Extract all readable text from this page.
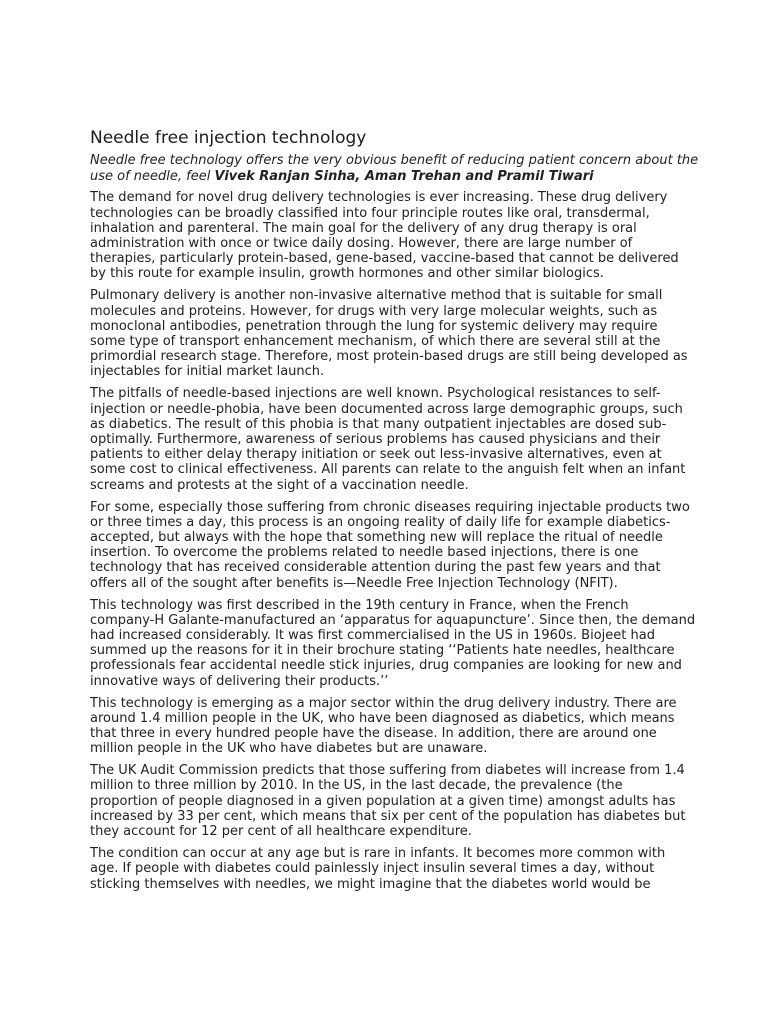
Needle free injection technology
Needle free technology offers the very obvious benefit of reducing patient concern about the
use of needle, feel Vivek Ranjan Sinha, Aman Trehan and Pramil Tiwari
The demand for novel drug delivery technologies is ever increasing. These drug delivery
technologies can be broadly classified into four principle routes like oral, transdermal,
inhalation and parenteral. The main goal for the delivery of any drug therapy is oral
administration with once or twice daily dosing. However, there are large number of
therapies, particularly protein-based, gene-based, vaccine-based that cannot be delivered
by this route for example insulin, growth hormones and other similar biologics.
Pulmonary delivery is another non-invasive alternative method that is suitable for small
molecules and proteins. However, for drugs with very large molecular weights, such as
monoclonal antibodies, penetration through the lung for systemic delivery may require
some type of transport enhancement mechanism, of which there are several still at the
primordial research stage. Therefore, most protein-based drugs are still being developed as
injectables for initial market launch.
The pitfalls of needle-based injections are well known. Psychological resistances to self-
injection or needle-phobia, have been documented across large demographic groups, such
as diabetics. The result of this phobia is that many outpatient injectables are dosed sub-
optimally. Furthermore, awareness of serious problems has caused physicians and their
patients to either delay therapy initiation or seek out less-invasive alternatives, even at
some cost to clinical effectiveness. All parents can relate to the anguish felt when an infant
screams and protests at the sight of a vaccination needle.
For some, especially those suffering from chronic diseases requiring injectable products two
or three times a day, this process is an ongoing reality of daily life for example diabetics-
accepted, but always with the hope that something new will replace the ritual of needle
insertion. To overcome the problems related to needle based injections, there is one
technology that has received considerable attention during the past few years and that
offers all of the sought after benefits is—Needle Free Injection Technology (NFIT).
This technology was first described in the 19th century in France, when the French
company-H Galante-manufactured an ‘apparatus for aquapuncture’. Since then, the demand
had increased considerably. It was first commercialised in the US in 1960s. Biojeet had
summed up the reasons for it in their brochure stating ‘‘Patients hate needles, healthcare
professionals fear accidental needle stick injuries, drug companies are looking for new and
innovative ways of delivering their products.’’
This technology is emerging as a major sector within the drug delivery industry. There are
around 1.4 million people in the UK, who have been diagnosed as diabetics, which means
that three in every hundred people have the disease. In addition, there are around one
million people in the UK who have diabetes but are unaware.
The UK Audit Commission predicts that those suffering from diabetes will increase from 1.4
million to three million by 2010. In the US, in the last decade, the prevalence (the
proportion of people diagnosed in a given population at a given time) amongst adults has
increased by 33 per cent, which means that six per cent of the population has diabetes but
they account for 12 per cent of all healthcare expenditure.
The condition can occur at any age but is rare in infants. It becomes more common with
age. If people with diabetes could painlessly inject insulin several times a day, without
sticking themselves with needles, we might imagine that the diabetes world would be
